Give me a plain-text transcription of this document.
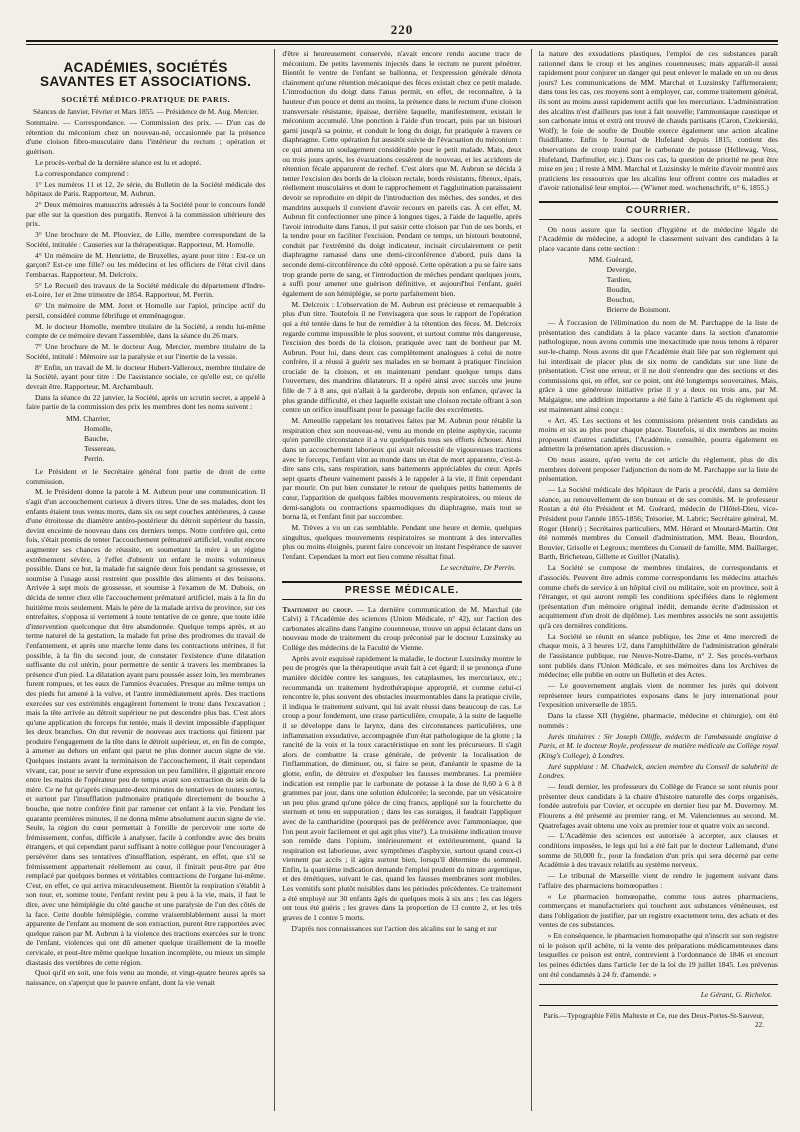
220
ACADÉMIES, SOCIÉTÉS SAVANTES ET ASSOCIATIONS.
SOCIÉTÉ MÉDICO-PRATIQUE DE PARIS.
Séances de Janvier, Février et Mars 1855. — Présidence de M. Aug. Mercier.

Sommaire. — Correspondance. — Commission des prix. — D'un cas de rétention du méconium chez un nouveau-né, occasionnée par la présence d'une cloison fibro-musculaire dans l'intérieur du rectum ; opération et guérison.

Le procès-verbal de la dernière séance est lu et adopté.

La correspondance comprend :

1° Les numéros 11 et 12, 2e série, du Bulletin de la Société médicale des hôpitaux de Paris. Rapporteur, M. Aubrun.

2° Deux mémoires manuscrits adressés à la Société pour le concours fondé par elle sur la question des purgatifs. Renvoi à la commission ultérieure des prix.

3° Une brochure de M. Plouviez, de Lille, membre correspondant de la Société, intitulée : Causeries sur la thérapeutique. Rapporteur, M. Homolle.

4° Un mémoire de M. Henriette, de Bruxelles, ayant pour titre : Est-ce un garçon? Est-ce une fille? ou les médecins et les officiers de l'état civil dans l'embarras. Rapporteur, M. Delcroix.

5° Le Recueil des travaux de la Société médicale du département d'Indre-et-Loire, 1er et 2me trimestre de 1854. Rapporteur, M. Perrin.

6° Un mémoire de MM. Joret et Homolle sur l'apiol, principe actif du persil, considéré comme fébrifuge et emménagogue.

M. le docteur Homolle, membre titulaire de la Société, a rendu lui-même compte de ce mémoire devant l'assemblée, dans la séance du 26 mars.

7° Une brochure de M. le docteur Aug. Mercier, membre titulaire de la Société, intitulé : Mémoire sur la paralysie et sur l'inertie de la vessie.

8° Enfin, un travail de M. le docteur Hubert-Valleroux, membre titulaire de la Société, ayant pour titre : De l'assistance sociale, ce qu'elle est, ce qu'elle devrait être. Rapporteur, M. Archambault.

Dans la séance du 22 janvier, la Société, après un scrutin secret, a appelé à faire partie de la commission des prix les membres dont les noms suivent :

MM. Charrier,
Homolle,
Bauche,
Tessereau,
Perrin.

Le Président et le Secrétaire général font partie de droit de cette commission.

M. le Président donne la parole à M. Aubrun pour une communication. Il s'agit d'un accouchement curieux à divers titres. Une de ses malades, dont les enfants étaient tous venus morts, dans six ou sept couches antérieures, à cause d'une étroitesse du diamètre antéro-postérieur du détroit supérieur du bassin, devint enceinte de nouveau dans ces derniers temps. Notre confrère qui, cette fois, s'était promis de tenter l'accouchement prématuré artificiel, voulut encore augmenter ses chances de réussite, en soumettant la mère à un régime extrêmement sévère, à l'effet d'obtenir un enfant le moins volumineux possible. Dans ce but, la malade fut saignée deux fois pendant sa grossesse, et soumise à l'usage aussi restreint que possible des aliments et des boissons. Arrivée à sept mois de grossesse, et soumise à l'examen de M. Dubois, on décida de tenter chez elle l'accouchement prématuré artificiel, mais à la fin du huitième mois seulement. Mais le père de la malade arriva de province, sur ces entrefaites, s'opposa si vertement à toute tentative de ce genre, que toute idée d'intervention quelconque dut être abandonnée. Quelque temps après, et au terme naturel de la gestation, la malade fut prise des prodromes du travail de l'enfantement, et après une marche lente dans les contractions utérines, il fut possible, à la fin du second jour, de constater l'existence d'une dilatation suffisante du col utérin, pour permettre de sentir à travers les membranes la présence d'un pied. La dilatation ayant paru poussée assez loin, les membranes furent rompues, et les eaux de l'amnios évacuées. Presque au même temps un des pieds fut amené à la vulve, et l'autre immédiatement après. Des tractions exercées sur ces extrémités engagèrent fortement le tronc dans l'excavation ; mais la tête arrivée au détroit supérieur ne put descendre plus bas. C'est alors qu'une application du forceps fut tentée, mais il devint impossible d'appliquer les deux branches. On dut revenir de nouveau aux tractions qui finirent par produire l'engagement de la tête dans le détroit supérieur, et, en fin de compte, à amener au dehors un enfant qui parut ne plus donner aucun signe de vie. Quelques instants avant la terminaison de l'accouchement, il était cependant vivant, car, pour se servir d'une expression un peu familière, il gigottait encore entre les mains de l'opérateur peu de temps avant son extraction du sein de la mère. Ce ne fut qu'après cinquante-deux minutes de tentatives de toutes sortes, et surtout par l'insufflation pulmonaire pratiquée directement de bouche à bouche, que notre confrère finit par ramener cet enfant à la vie. Pendant les quarante premières minutes, il ne donna même absolument aucun signe de vie. Seule, la région du cœur permettait à l'oreille de percevoir une sorte de frémissement, confus, difficile à analyser, facile à confondre avec des bruits étrangers, et qui cependant parut suffisant à notre collègue pour l'encourager à persévérer dans ses tentatives d'insufflation, espérant, en effet, que s'il se frémissement appartenait réellement au cœur, il finirait peut-être par être remplacé par quelques bonnes et véritables contractions de l'organe lui-même. C'est, en effet, ce qui arriva miraculeusement. Bientôt la respiration s'établit à son tour, et, somme toute, l'enfant revint peu à peu à la vie, mais, il faut le dire, avec une hémiplégie du côté gauche et une paralysie de l'un des côtés de la face. Cette double hémiplégie, comme vraisemblablement aussi la mort apparente de l'enfant au moment de son extraction, purent être rapportées avec quelque raison par M. Aubrun à la violence des tractions exercées sur le tronc de l'enfant, violences qui ont dû amener quelque tiraillement de la moelle cervicale, et peut-être même quelque luxation incomplète, ou mieux un simple diastasis des vertèbres de cette région.

Quoi qu'il en soit, une fois venu au monde, et vingt-quatre heures après sa naissance, on s'aperçut que le pauvre enfant, dont la vie venait

d'être si heureusement conservée, n'avait encore rendu aucune trace de méconium. De petits lavements injectés dans le rectum ne purent pénétrer. Bientôt le ventre de l'enfant se ballonna, et l'expression générale dénota clairement qu'une rétention mécanique des fèces existait chez ce petit malade. L'introduction du doigt dans l'anus permit, en effet, de reconnaître, à la hauteur d'un pouce et demi au moins, la présence dans le rectum d'une cloison transversale résistante, épaisse, derrière laquelle, manifestement, existait le méconium accumulé. Une ponction à l'aide d'un trocart, puis par un bistouri garni jusqu'à sa pointe, et conduit le long du doigt, fut pratiquée à travers ce diaphragme. Cette opération fut aussitôt suivie de l'évacuation du méconium : ce qui amena un soulagement considérable pour le petit malade. Mais, deux ou trois jours après, les évacuations cessèrent de nouveau, et les accidents de rétention fécale apparurent de rechef. C'est alors que M. Aubrun se décida à tenter l'excision des bords de la cloison rectale, bords résistants, fibreux, épais, réellement musculaires et dont le rapprochement et l'agglutination paraissaient devoir se reproduire en dépit de l'introduction des mèches, des sondes, et des mandrins auxquels il convient d'avoir recours en pareils cas. À cet effet, M. Aubrun fit confectionner une pince à longues tiges, à l'aide de laquelle, après l'avoir introduite dans l'anus, il put saisir cette cloison par l'un de ses bords, et la tendre pour en faciliter l'excision. Pendant ce temps, un bistouri boutonné, conduit par l'extrémité du doigt indicateur, incisait circulairement ce petit diaphragme ramassé dans une demi-circonférence d'abord, puis dans la seconde demi-circonférence du côté opposé. Cette opération a pu se faire sans trop grande perte de sang, et l'introduction de mèches pendant quelques jours, a suffi pour amener une guérison définitive, et aujourd'hui l'enfant, guéri également de son hémiplégie, se porte parfaitement bien.

M. Delcroix : L'observation de M. Aubrun est précieuse et remarquable à plus d'un titre. Toutefois il ne l'envisagera que sous le rapport de l'opération qui a été tentée dans le but de remédier à la rétention des fèces. M. Delcroix regarde comme impossible le plus souvent, et surtout comme très dangereuse, l'excision des bords de la cloison, pratiquée avec tant de bonheur par M. Aubrun. Pour lui, dans deux cas complètement analogues à celui de notre confrère, il a réussi à guérir ses malades en se bornant à pratiquer l'incision cruciale de la cloison, et en maintenant pendant quelque temps dans l'ouverture, des mandrins dilatateurs. Il a opéré ainsi avec succès une jeune fille de 7 à 8 ans, qui n'allait à la garderobe, depuis son enfance, qu'avec la plus grande difficulté, et chez laquelle existait une cloison rectale offrant à son centre un orifice insuffisant pour le passage facile des excréments.

M. Ameuille rappelant les tentatives faites par M. Aubrun pour rétablir la respiration chez son nouveau-né, venu au monde en pleine asphyxie, raconte qu'en pareille circonstance il a vu quelquefois tous ses efforts échouer. Ainsi dans un accouchement laborieux qui avait nécessité de vigoureuses tractions avec le forceps, l'enfant vint au monde dans un état de mort apparente, c'est-à-dire sans cris, sans respiration, sans battements appréciables du cœur. Après sept quarts d'heure vainement passés à le rappeler à la vie, il finit cependant par mourir. On put bien constater le retour de quelques petits battements de cœur, l'apparition de quelques faibles mouvements respiratoires, ou mieux de demi-sanglots ou contractions spasmodiques du diaphragme, mais tout se borna là, et l'enfant finit par succomber.

M. Trèves a vu un cas semblable. Pendant une heure et demie, quelques singultus, quelques mouvements respiratoires se montrant à des intervalles plus ou moins éloignés, purent faire concevoir un instant l'espérance de sauver l'enfant. Cependant la mort eut lieu comme résultat final.

Le secrétaire, Dr Perrin.
PRESSE MÉDICALE.

Traitement du croup. — La dernière communication de M. Marchal (de Calvi) à l'Académie des sciences (Union Médicale, n° 42), sur l'action des carbonates alcalins dans l'angine couenneuse, trouve un appui éclatant dans un nouveau mode de traitement du croup préconisé par le docteur Luzsinsky au Collège des médecins de la Faculté de Vienne.

Après avoir esquissé rapidement la maladie, le docteur Luzsinsky montre le peu de progrès que la thérapeutique avait fait à cet égard; il se prononça d'une manière décidée contre les sangsues, les cataplasmes, les mercuriaux, etc.; recommanda un traitement hydrothérapique approprié, et comme celui-ci rencontre le, plus souvent des obstacles insurmontables dans la pratique civile, il indiqua le traitement suivant, qui lui avait réussi dans beaucoup de cas. Le croup a pour fondement, une crase particulière, croupale, à la suite de laquelle il se développe dans le larynx, dans des circonstances particulières, une inflammation exsudative, accompagnée d'un état pathologique de la glotte ; la rancité de la voix et la toux caractéristique en sont les précurseurs. Il s'agit alors de combattre la crase générale, de prévenir la localisation de l'inflammation, de diminuer, ou, si faire se peut, d'anéantir le spasme de la glotte, enfin, de détruire et d'expulser les fausses membranes. La première indication est remplie par le carbonate de potasse à la dose de 0,60 à 6 à 8 grammes par jour, dans une solution édulcorée; la seconde, par un vésicatoire un peu plus grand qu'une pièce de cinq francs, appliqué sur la fourchette du sternum et tenu en suppuration ; dans les cas suraigus, il faudrait l'appliquer avec de la cantharidine (pourquoi pas de préférence avec l'ammoniaque, que l'on peut avoir facilement et qui agit plus vite?). La troisième indication trouve son remède dans l'opium, intérieurement et extérieurement, quand la respiration est laborieuse, avec symptômes d'asphyxie, surtout quand ceux-ci viennent par accès ; il agira surtout bien, lorsqu'il détermine du sommeil. Enfin, la quatrième indication demande l'emploi prudent du nitrate argentique, et des émétiques, suivant le cas, quand les fausses membranes sont mobiles. Les vomitifs sont plutôt nuisibles dans les périodes précédentes. Ce traitement a été employé sur 30 enfants âgés de quelques mois à six ans ; les cas légers ont tous été guéris ; les graves dans la proportion de 13 contre 2, et les très graves de 1 contre 5 morts.

D'après nos connaissances sur l'action des alcalins sur le sang et sur

la nature des exsudations plastiques, l'emploi de ces substances paraît rationnel dans le croup et les angines couenneuses; mais apparaît-il aussi rapidement pour conjurer un danger qui peut enlever le malade en un ou deux jours? Les communications de MM. Marchal et Luzsinsky l'affirmeraient; dans tous les cas, ces moyens sont à employer, car, comme traitement général, ils sont au moins aussi rapidement actifs que les mercuriaux. L'administration des alcalins n'est d'ailleurs pas tout à fait nouvelle; l'ammoniaque caustique et son carbonate intus et extrà ont trouvé de chauds partisans (Caron, Czekierski, Wolf); le foie de soufre de Double exerce également une action alcaline fluidifiante. Enfin le Journal de Hufeland depuis 1815, contient des observations de croup traité par le carbonate de potasse (Hellewag, Voss, Hufeland, Darfmuller, etc.). Dans ces cas, la question de priorité ne peut être mise en jeu ; il reste à MM. Marchal et Luzsinsky le mérite d'avoir montré aux praticiens les ressources que les alcalins leur offrent contre ces maladies et d'avoir rationalisé leur emploi.— (W'iener med. wochenschrift, n° 6, 1855.)

COURRIER.

On nous assure que la section d'hygiène et de médecine légale de l'Académie de médecine, a adopté le classement suivant des candidats à la place vacante dans cette section :

MM. Guérard,
Devergie,
Tardieu,
Boudin,
Bouchut,
Brierre de Boismont.

— À l'occasion de l'élimination du nom de M. Parchappe de la liste de présentation des candidats à la place vacante dans la section d'anatomie pathologique, nous avons commis une inexactitude que nous tenons à réparer sur-le-champ. Nous avons dit que l'Académie était liée par son règlement qui lui interdisait de placer plus de six noms de candidats sur une liste de présentation. C'est une erreur, et il ne doit s'entendre que des sections et des commissions qui, en effet, sur ce point, ont été longtemps souveraines. Mais, grâce à une généreuse initiative prise il y a deux ou trois ans, par M. Malgaigne, une addition importante a été faite à l'article 45 du règlement qui est maintenant ainsi conçu :

« Art. 45. Les sections et les commissions présentent trois candidats au moins et six au plus pour chaque place. Toutefois, si dix membres au moins proposent d'autres candidats, l'Académie, consultée, pourra également en admettre la présentation après discussion. »

On nous assure, qu'en vertu de cet article du règlement, plus de dix membres doivent proposer l'adjonction du nom de M. Parchappe sur la liste de présentation.

— La Société médicale des hôpitaux de Paris a procédé, dans sa dernière séance, au renouvellement de son bureau et de ses comités. M. le professeur Rostan a été élu Président et M. Guérard, médecin de l'Hôtel-Dieu, vice-Président pour l'année 1855-1856; Trésorier, M. Labric; Secrétaire général, M. Roger (Henri) ; Secrétaires particuliers, MM. Hérard et Moutard-Martin. Ont été nommés membres du Conseil d'administration, MM. Beau, Bourdon, Bouvier, Grisolle et Legroux; membres du Conseil de famille, MM. Baillarger, Barth, Bricheteau, Gillette et Guillot (Natalis).

La Société se compose de membres titulaires, de correspondants et d'associés. Peuvent être admis comme correspondants les médecins attachés comme chefs de service à un hôpital civil ou militaire, soit en province, soit à l'étranger, et qui auront rempli les conditions spécifiées dans le règlement (présentation d'un mémoire original inédit, demande écrite d'admission et acquittement d'un droit de diplôme). Les membres associés ne sont assujettis qu'à ces dernières conditions.

La Société se réunit en séance publique, les 2me et 4me mercredi de chaque mois, à 3 heures 1/2, dans l'amphithéâtre de l'administration générale de l'assistance publique, rue Neuve-Notre-Dame, n° 2. Ses procès-verbaux sont publiés dans l'Union Médicale, et ses mémoires dans les Archives de médecine; elle publie en outre un Bulletin et des Actes.

— Le gouvernement anglais vient de nommer les jurés qui doivent représenter leurs compatriotes exposans dans le jury international pour l'exposition universelle de 1855.

Dans la classe XII (hygiène, pharmacie, médecine et chirurgie), ont été nommés :

Jurés titulaires : Sir Joseph Olliffe, médecin de l'ambassade anglaise à Paris, et M. le docteur Royle, professeur de matière médicale au Collège royal (King's College), à Londres.

Juré suppléant : M. Chadwick, ancien membre du Conseil de salubrité de Londres.

— Jeudi dernier, les professeurs du Collège de France se sont réunis pour présenter deux candidats à la chaire d'histoire naturelle des corps organisés, fondée autrefois par Cuvier, et occupée en dernier lieu par M. Duvernoy. M. Flourens a été présenté au premier rang, et M. Valenciennes au second. M. Quatrefages avait obtenu une voix au premier tour et quatre voix au second.

— L'Académie des sciences est autorisée à accepter, aux clauses et conditions imposées, le legs qui lui a été fait par le docteur Lallemand, d'une somme de 50,000 fr., pour la fondation d'un prix qui sera décerné par cette Académie à des travaux relatifs au système nerveux.

— Le tribunal de Marseille vient de rendre le jugement suivant dans l'affaire des pharmaciens homœopathes :

« Le pharmacien homœopathe, comme tous autres pharmaciens, commerçans et manufacturiers qui touchent aux substances vénéneuses, est dans l'obligation de justifier, par un registre exactement tenu, des achats et des ventes de ces substances.

» En conséquence, le pharmacien homœopathe qui n'inscrit sur son registre ni le poison qu'il achète, ni la vente des préparations médicamenteuses dans lesquelles ce poison est entré, contrevient à l'ordonnance de 1846 et encourt les peines édictées dans l'article 1er de la loi du 19 juillet 1845. Les prévenus ont été condamnés à 24 fr. d'amende. »

Le Gérant, G. Richelot.
Paris.—Typographie Félix Malteste et Ce, rue des Deux-Portes-St-Sauveur, 22.
